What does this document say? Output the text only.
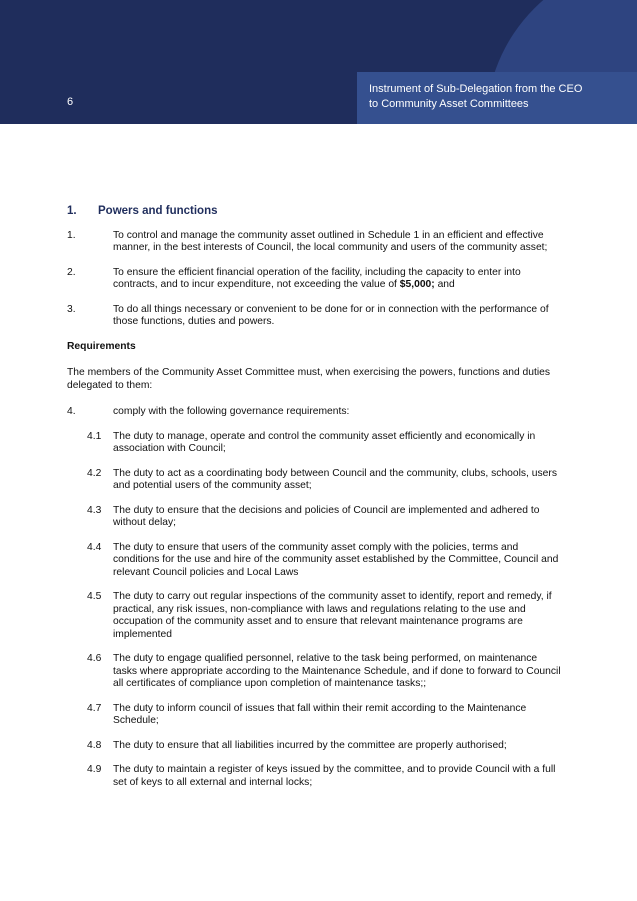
6
Instrument of Sub-Delegation from the CEO
to Community Asset Committees
1.	Powers and functions
1.	To control and manage the community asset outlined in Schedule 1 in an efficient and effective manner, in the best interests of Council, the local community and users of the community asset;
2.	To ensure the efficient financial operation of the facility, including the capacity to enter into contracts, and to incur expenditure, not exceeding the value of $5,000; and
3.	To do all things necessary or convenient to be done for or in connection with the performance of those functions, duties and powers.
Requirements
The members of the Community Asset Committee must, when exercising the powers, functions and duties delegated to them:
4.	comply with the following governance requirements:
4.1	The duty to manage, operate and control the community asset efficiently and economically in association with Council;
4.2	The duty to act as a coordinating body between Council and the community, clubs, schools, users and potential users of the community asset;
4.3	The duty to ensure that the decisions and policies of Council are implemented and adhered to without delay;
4.4	The duty to ensure that users of the community asset comply with the policies, terms and conditions for the use and hire of the community asset established by the Committee, Council and relevant Council policies and Local Laws
4.5	The duty to carry out regular inspections of the community asset to identify, report and remedy, if practical, any risk issues, non-compliance with laws and regulations relating to the use and occupation of the community asset and to ensure that relevant maintenance programs are implemented
4.6	The duty to engage qualified personnel, relative to the task being performed, on maintenance tasks where appropriate according to the Maintenance Schedule, and if done to forward to Council all certificates of compliance upon completion of maintenance tasks;;
4.7	The duty to inform council of issues that fall within their remit according to the Maintenance Schedule;
4.8	The duty to ensure that all liabilities incurred by the committee are properly authorised;
4.9	The duty to maintain a register of keys issued by the committee, and to provide Council with a full set of keys to all external and internal locks;
